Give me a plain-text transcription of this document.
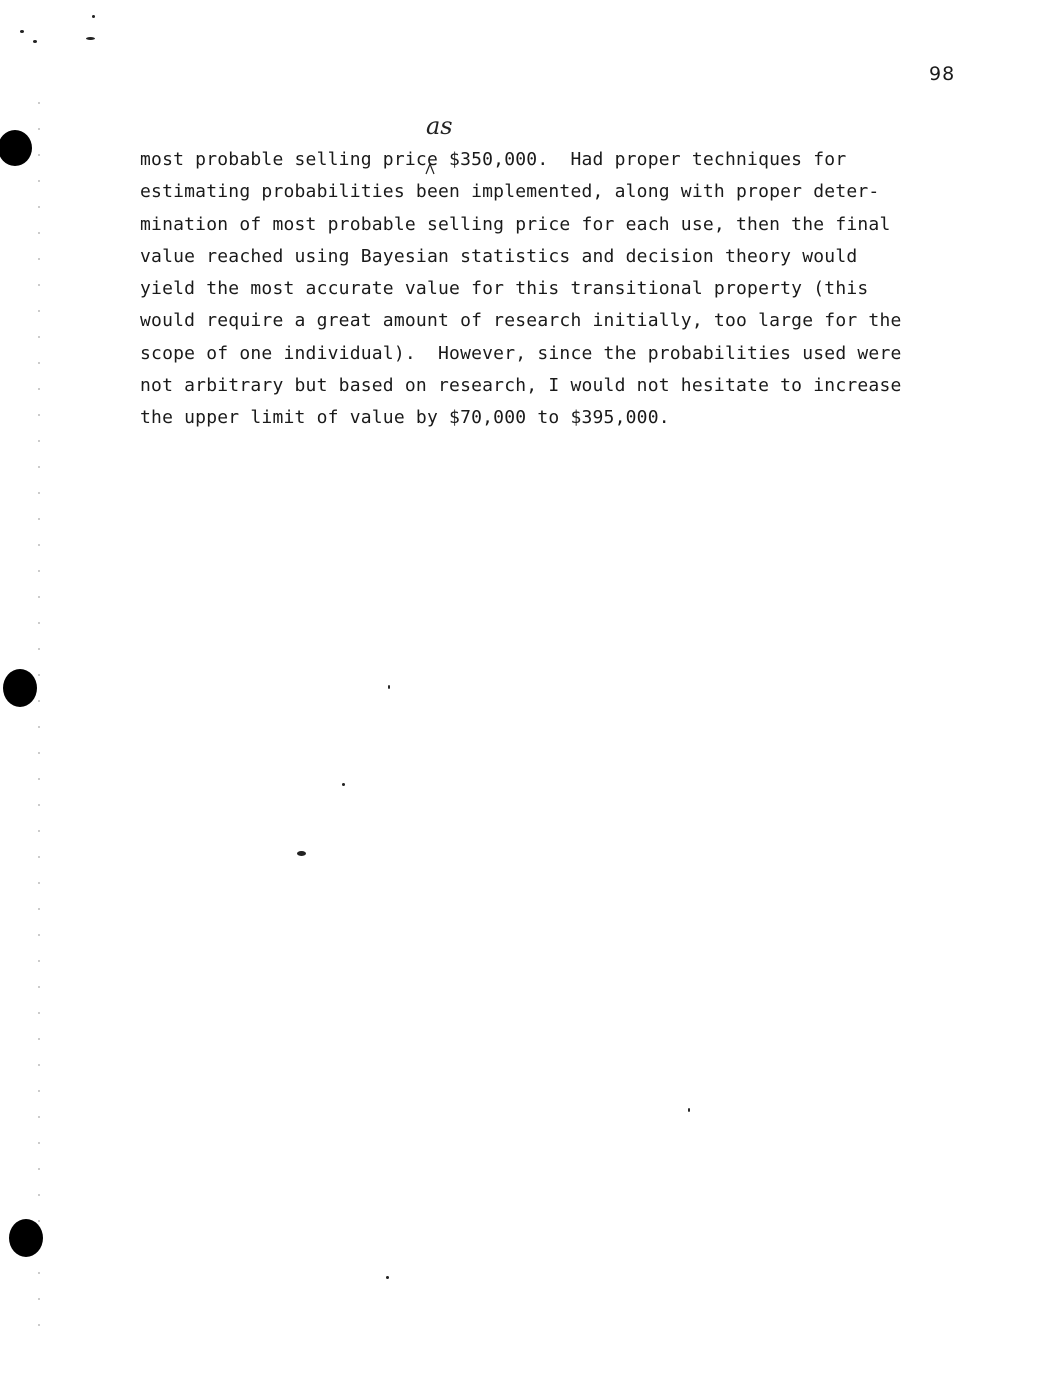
98
as
most probable selling price $350,000.  Had proper techniques for
estimating probabilities been implemented, along with proper deter-
mination of most probable selling price for each use, then the final
value reached using Bayesian statistics and decision theory would
yield the most accurate value for this transitional property (this
would require a great amount of research initially, too large for the
scope of one individual).  However, since the probabilities used were
not arbitrary but based on research, I would not hesitate to increase
the upper limit of value by $70,000 to $395,000.
